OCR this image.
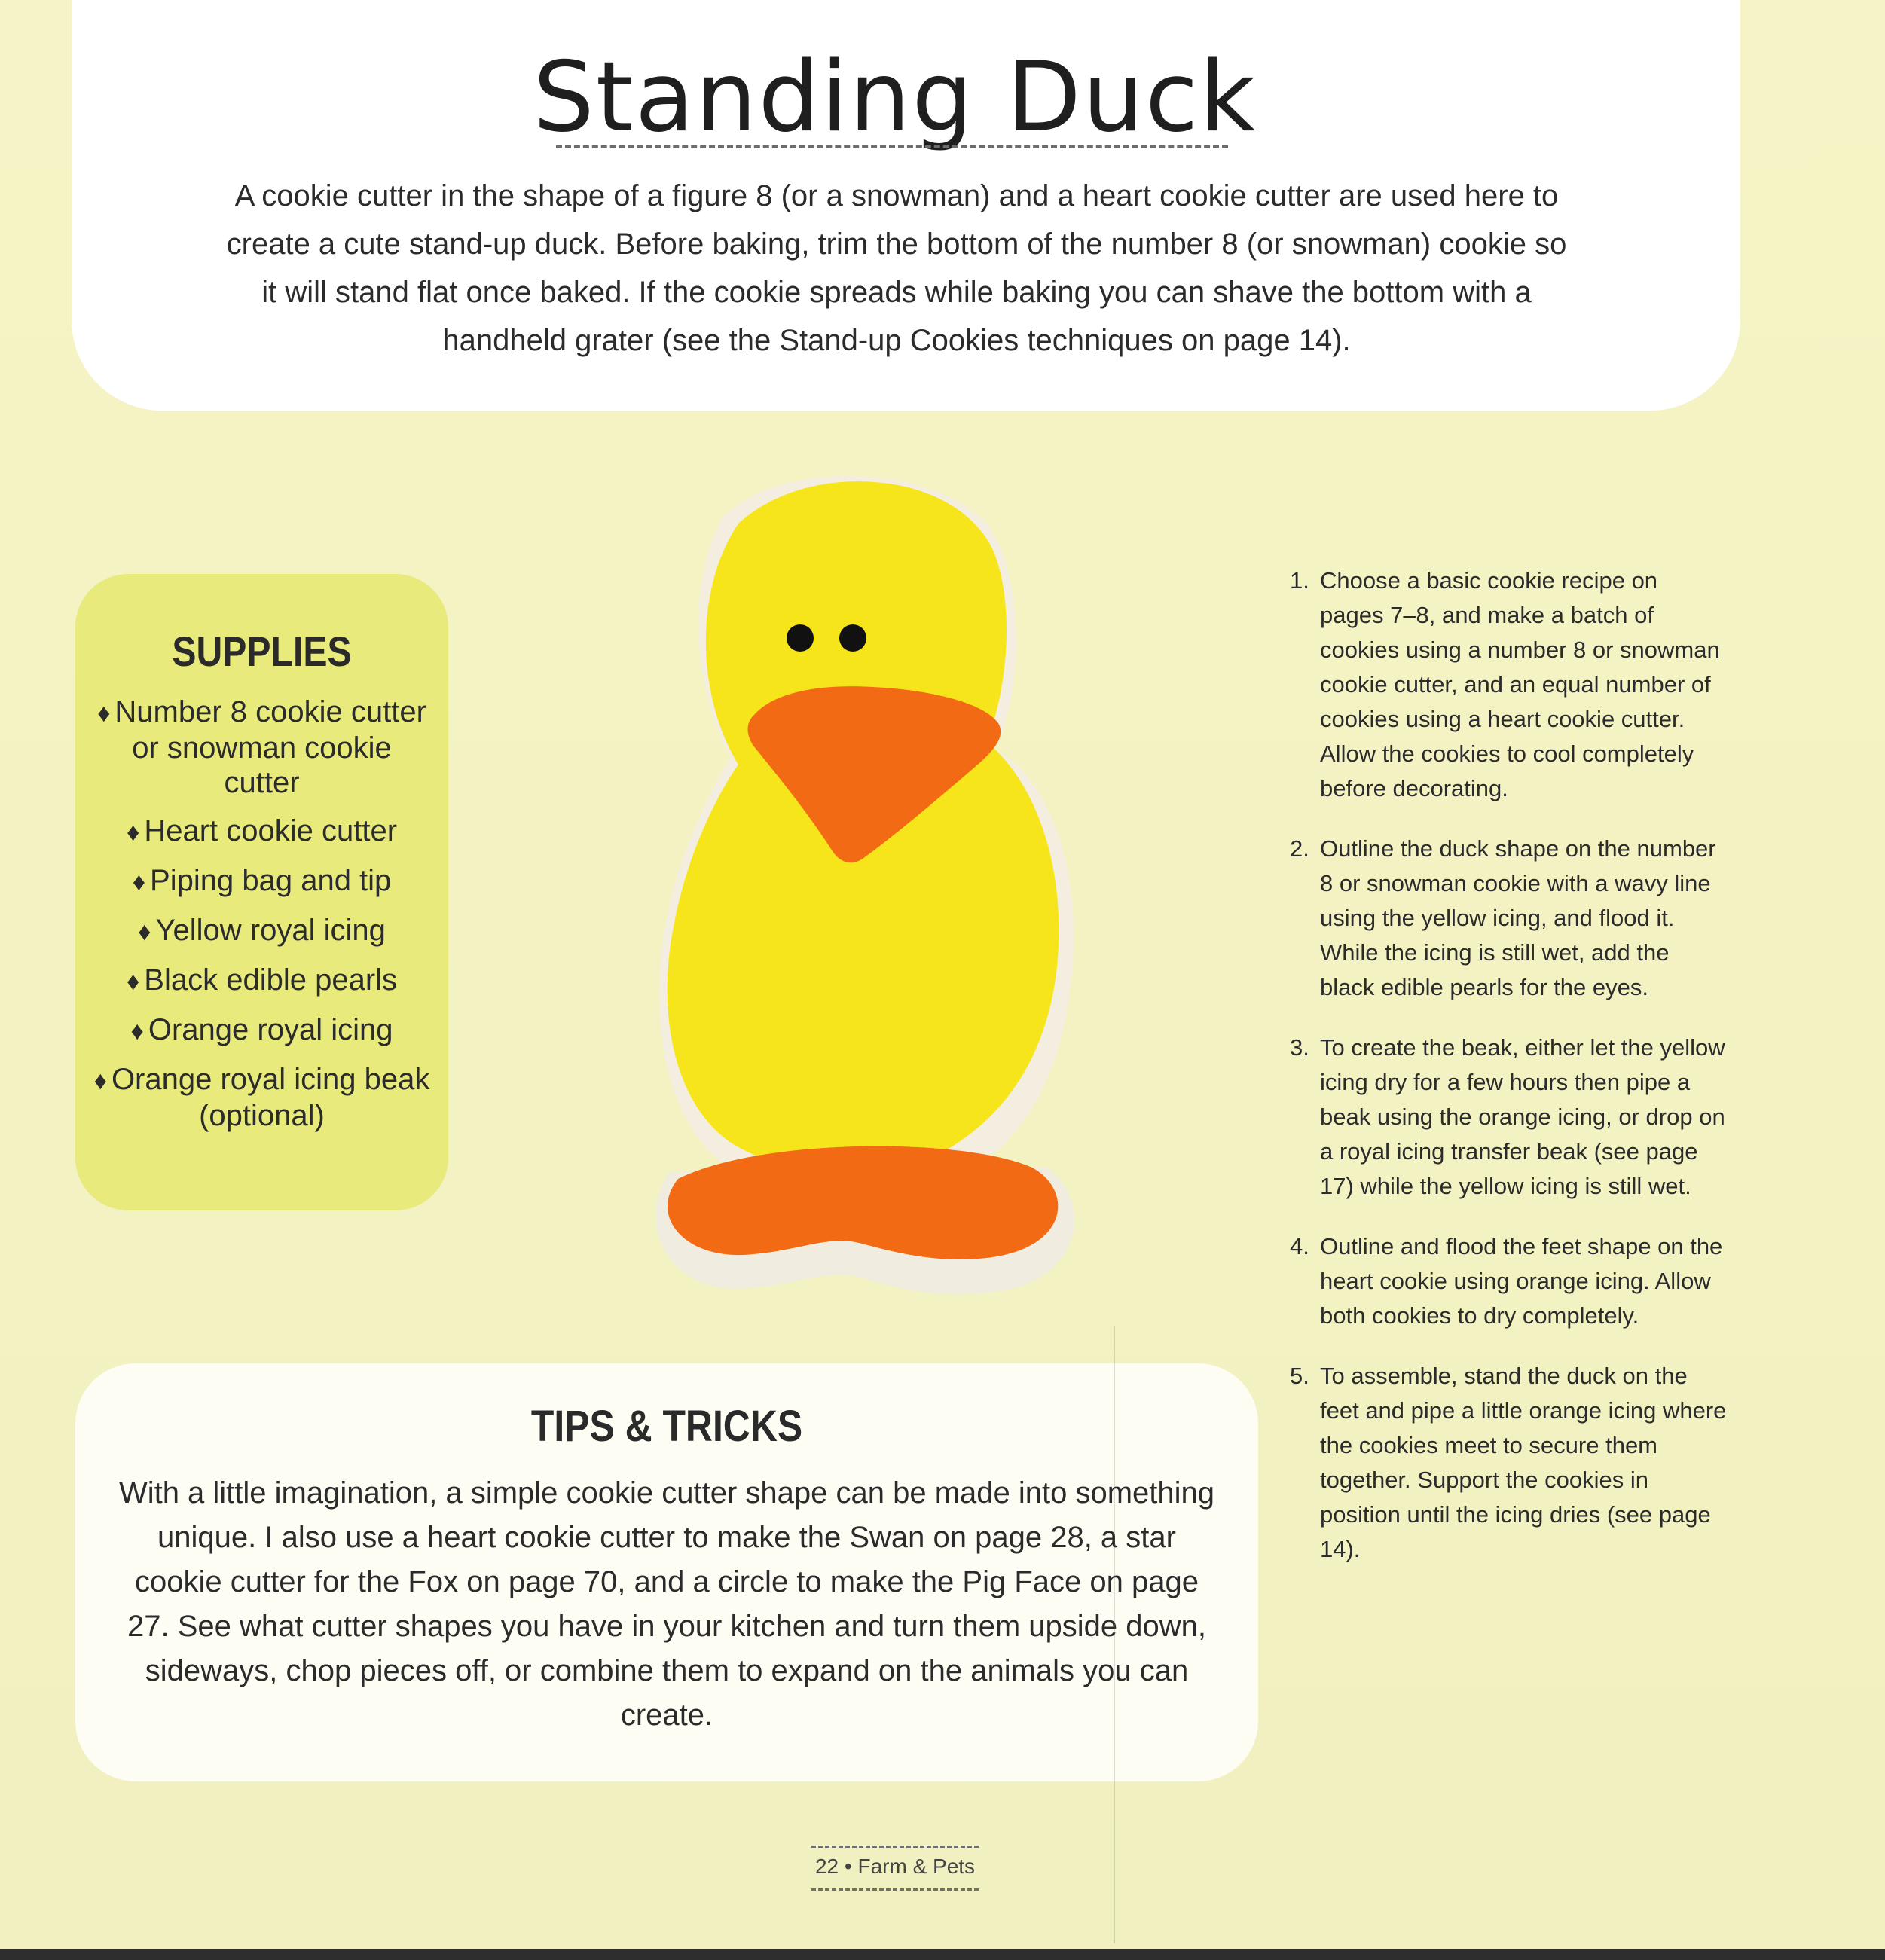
Standing Duck

A cookie cutter in the shape of a figure 8 (or a snowman) and a heart cookie cutter are used here to create a cute stand-up duck. Before baking, trim the bottom of the number 8 (or snowman) cookie so it will stand flat once baked. If the cookie spreads while baking you can shave the bottom with a handheld grater (see the Stand-up Cookies techniques on page 14).

SUPPLIES
♦ Number 8 cookie cutter or snowman cookie cutter
♦ Heart cookie cutter
♦ Piping bag and tip
♦ Yellow royal icing
♦ Black edible pearls
♦ Orange royal icing
♦ Orange royal icing beak (optional)
1. Choose a basic cookie recipe on pages 7–8, and make a batch of cookies using a number 8 or snowman cookie cutter, and an equal number of cookies using a heart cookie cutter. Allow the cookies to cool completely before decorating.
2. Outline the duck shape on the number 8 or snowman cookie with a wavy line using the yellow icing, and flood it. While the icing is still wet, add the black edible pearls for the eyes.
3. To create the beak, either let the yellow icing dry for a few hours then pipe a beak using the orange icing, or drop on a royal icing transfer beak (see page 17) while the yellow icing is still wet.
4. Outline and flood the feet shape on the heart cookie using orange icing. Allow both cookies to dry completely.
5. To assemble, stand the duck on the feet and pipe a little orange icing where the cookies meet to secure them together. Support the cookies in position until the icing dries (see page 14).
TIPS & TRICKS

With a little imagination, a simple cookie cutter shape can be made into something unique. I also use a heart cookie cutter to make the Swan on page 28, a star cookie cutter for the Fox on page 70, and a circle to make the Pig Face on page 27. See what cutter shapes you have in your kitchen and turn them upside down, sideways, chop pieces off, or combine them to expand on the animals you can create.

22 • Farm & Pets
